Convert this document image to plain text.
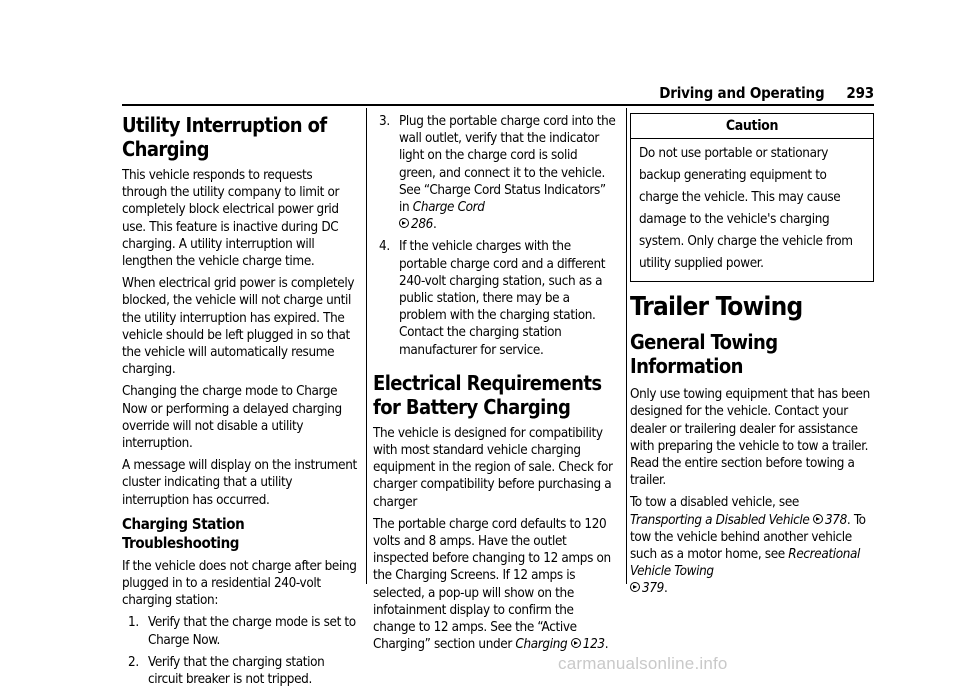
Driving and Operating 293
Utility Interruption of Charging

This vehicle responds to requests through the utility company to limit or completely block electrical power grid use. This feature is inactive during DC charging. A utility interruption will lengthen the vehicle charge time.

When electrical grid power is completely blocked, the vehicle will not charge until the utility interruption has expired. The vehicle should be left plugged in so that the vehicle will automatically resume charging.

Changing the charge mode to Charge Now or performing a delayed charging override will not disable a utility interruption.

A message will display on the instrument cluster indicating that a utility interruption has occurred.

Charging Station Troubleshooting

If the vehicle does not charge after being plugged in to a residential 240-volt charging station:

1. Verify that the charge mode is set to Charge Now.
2. Verify that the charging station circuit breaker is not tripped.
3. Plug the portable charge cord into the wall outlet, verify that the indicator light on the charge cord is solid green, and connect it to the vehicle. See “Charge Cord Status Indicators” in Charge Cord
286.
4. If the vehicle charges with the portable charge cord and a different 240-volt charging station, such as a public station, there may be a problem with the charging station. Contact the charging station manufacturer for service.
Electrical Requirements for Battery Charging

The vehicle is designed for compatibility with most standard vehicle charging equipment in the region of sale. Check for charger compatibility before purchasing a charger

The portable charge cord defaults to 120 volts and 8 amps. Have the outlet inspected before changing to 12 amps on the Charging Screens. If 12 amps is selected, a pop-up will show on the infotainment display to confirm the change to 12 amps. See the “Active Charging” section under Charging 123.

Caution
Do not use portable or stationary backup generating equipment to charge the vehicle. This may cause damage to the vehicle's charging system. Only charge the vehicle from utility supplied power.
Trailer Towing
General Towing Information

Only use towing equipment that has been designed for the vehicle. Contact your dealer or trailering dealer for assistance with preparing the vehicle to tow a trailer. Read the entire section before towing a trailer.

To tow a disabled vehicle, see Transporting a Disabled Vehicle 378. To tow the vehicle behind another vehicle such as a motor home, see Recreational Vehicle Towing
379.

carmanualsonline.info
